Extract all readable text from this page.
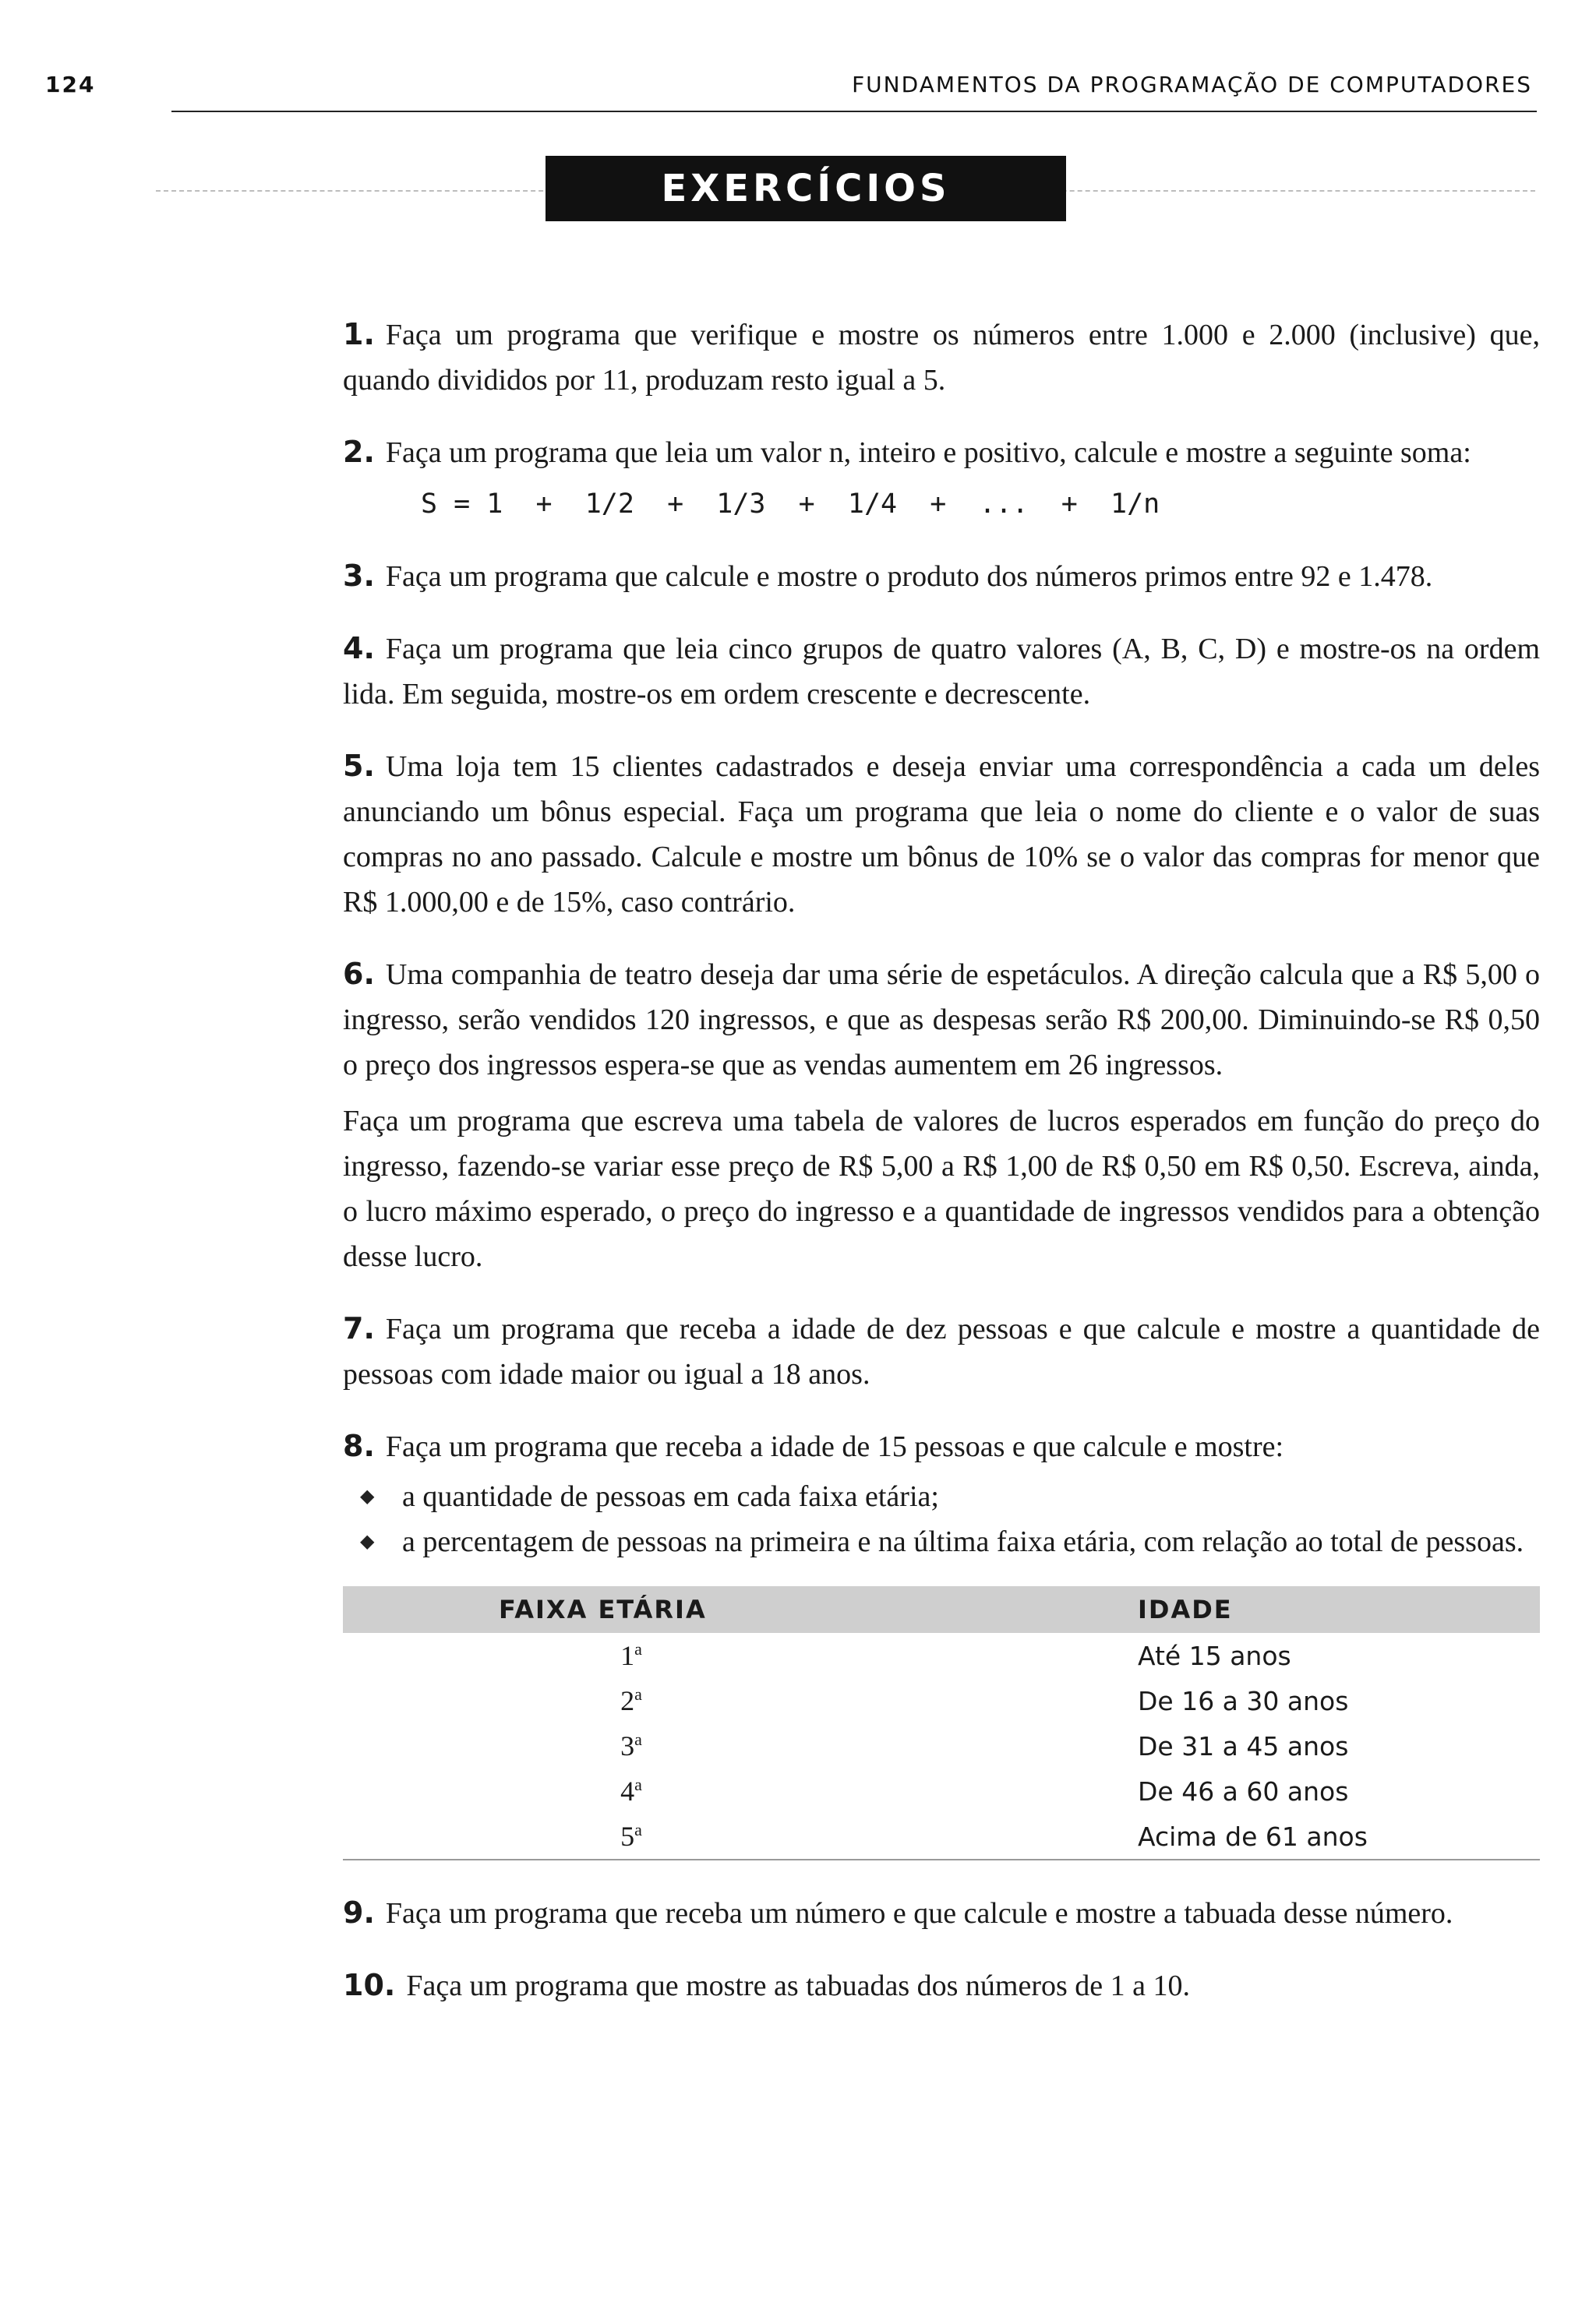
124	FUNDAMENTOS DA PROGRAMAÇÃO DE COMPUTADORES
EXERCÍCIOS PROPOSTOS

1. Faça um programa que verifique e mostre os números entre 1.000 e 2.000 (inclusive) que, quando divididos por 11, produzam resto igual a 5.

2. Faça um programa que leia um valor n, inteiro e positivo, calcule e mostre a seguinte soma:

S = 1  +  1/2  +  1/3  +  1/4  +  ...  +  1/n

3. Faça um programa que calcule e mostre o produto dos números primos entre 92 e 1.478.

4. Faça um programa que leia cinco grupos de quatro valores (A, B, C, D) e mostre-os na ordem lida. Em seguida, mostre-os em ordem crescente e decrescente.

5. Uma loja tem 15 clientes cadastrados e deseja enviar uma correspondência a cada um deles anunciando um bônus especial. Faça um programa que leia o nome do cliente e o valor de suas compras no ano passado. Calcule e mostre um bônus de 10% se o valor das compras for menor que R$ 1.000,00 e de 15%, caso contrário.

6. Uma companhia de teatro deseja dar uma série de espetáculos. A direção calcula que a R$ 5,00 o ingresso, serão vendidos 120 ingressos, e que as despesas serão R$ 200,00. Diminuindo-se R$ 0,50 o preço dos ingressos espera-se que as vendas aumentem em 26 ingressos.

Faça um programa que escreva uma tabela de valores de lucros esperados em função do preço do ingresso, fazendo-se variar esse preço de R$ 5,00 a R$ 1,00 de R$ 0,50 em R$ 0,50. Escreva, ainda, o lucro máximo esperado, o preço do ingresso e a quantidade de ingressos vendidos para a obtenção desse lucro.

7. Faça um programa que receba a idade de dez pessoas e que calcule e mostre a quantidade de pessoas com idade maior ou igual a 18 anos.

8. Faça um programa que receba a idade de 15 pessoas e que calcule e mostre:

◆ a quantidade de pessoas em cada faixa etária;
◆ a percentagem de pessoas na primeira e na última faixa etária, com relação ao total de pessoas.
FAIXA ETÁRIA	IDADE
1$^a$	Até 15 anos
2$^a$	De 16 a 30 anos
3$^a$	De 31 a 45 anos
4$^a$	De 46 a 60 anos
5$^a$	Acima de 61 anos

9. Faça um programa que receba um número e que calcule e mostre a tabuada desse número.

10. Faça um programa que mostre as tabuadas dos números de 1 a 10.
